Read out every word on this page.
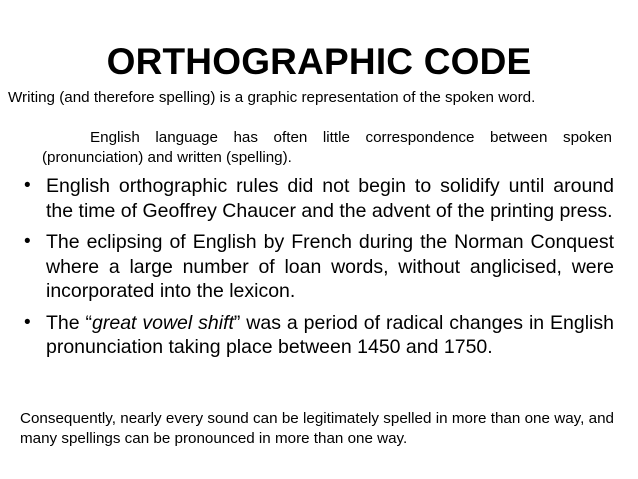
ORTHOGRAPHIC CODE
Writing (and therefore spelling) is a graphic representation of the spoken word.
English language has often little correspondence between spoken (pronunciation) and written (spelling).
• English orthographic rules did not begin to solidify until around the time of Geoffrey Chaucer and the advent of the printing press.
• The eclipsing of English by French during the Norman Conquest where a large number of loan words, without anglicised, were incorporated into the lexicon.
• The “great vowel shift” was a period of radical changes in English pronunciation taking place between 1450 and 1750.
Consequently, nearly every sound can be legitimately spelled in more than one way, and many spellings can be pronounced in more than one way.
